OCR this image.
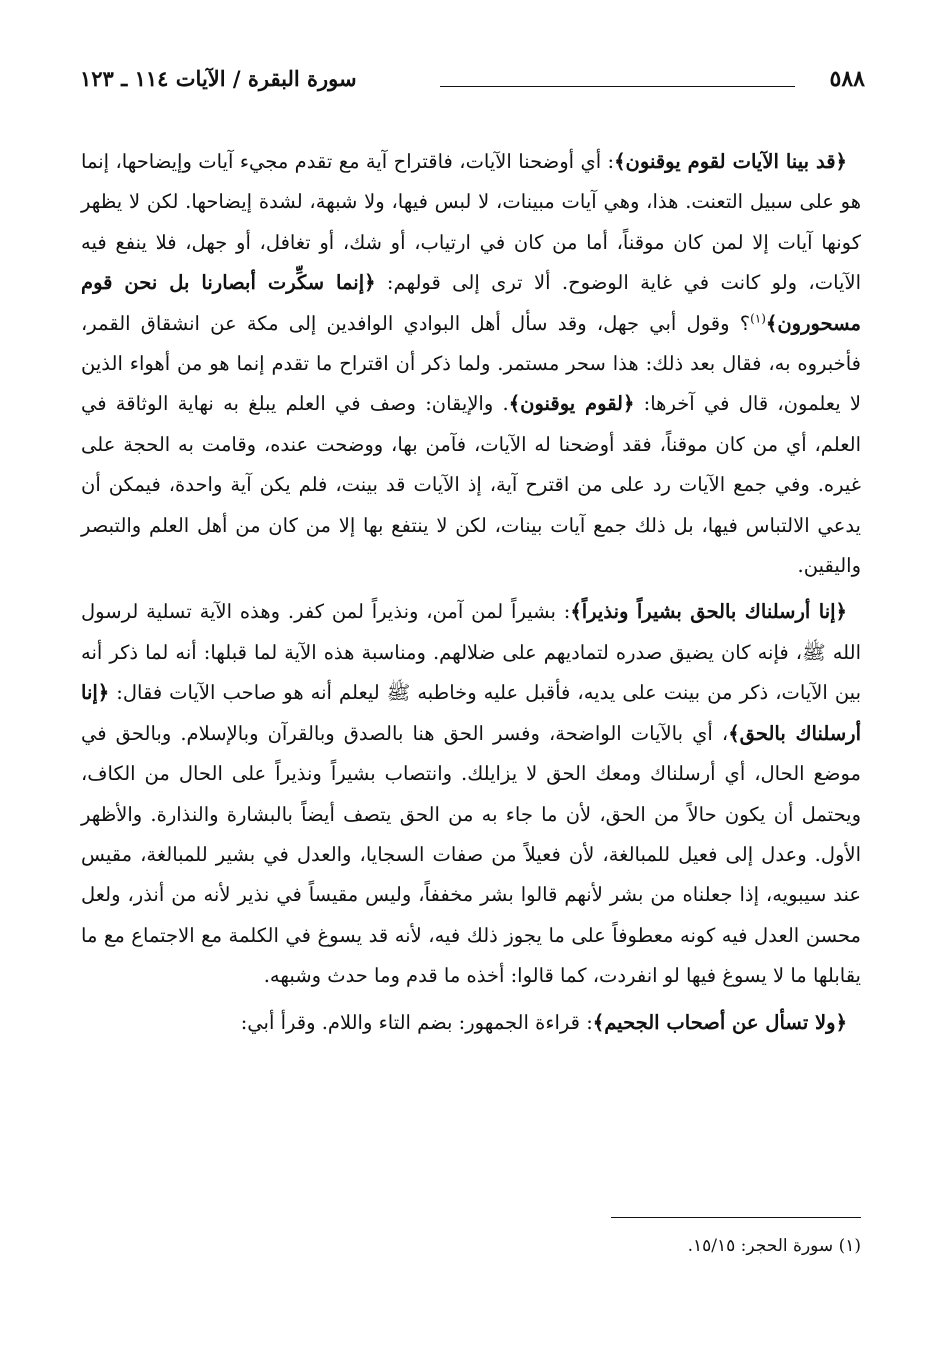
٥٨٨
سورة البقرة / الآيات ١١٤ ـ ١٢٣

﴿قد بينا الآيات لقوم يوقنون﴾: أي أوضحنا الآيات، فاقتراح آية مع تقدم مجيء آيات وإيضاحها، إنما هو على سبيل التعنت. هذا، وهي آيات مبينات، لا لبس فيها، ولا شبهة، لشدة إيضاحها. لكن لا يظهر كونها آيات إلا لمن كان موقناً، أما من كان في ارتياب، أو شك، أو تغافل، أو جهل، فلا ينفع فيه الآيات، ولو كانت في غاية الوضوح. ألا ترى إلى قولهم: ﴿إنما سكِّرت أبصارنا بل نحن قوم مسحورون﴾$^{(١)}$؟ وقول أبي جهل، وقد سأل أهل البوادي الوافدين إلى مكة عن انشقاق القمر، فأخبروه به، فقال بعد ذلك: هذا سحر مستمر. ولما ذكر أن اقتراح ما تقدم إنما هو من أهواء الذين لا يعلمون، قال في آخرها: ﴿لقوم يوقنون﴾. والإيقان: وصف في العلم يبلغ به نهاية الوثاقة في العلم، أي من كان موقناً، فقد أوضحنا له الآيات، فآمن بها، ووضحت عنده، وقامت به الحجة على غيره. وفي جمع الآيات رد على من اقترح آية، إذ الآيات قد بينت، فلم يكن آية واحدة، فيمكن أن يدعي الالتباس فيها، بل ذلك جمع آيات بينات، لكن لا ينتفع بها إلا من كان من أهل العلم والتبصر واليقين.

﴿إنا أرسلناك بالحق بشيراً ونذيراً﴾: بشيراً لمن آمن، ونذيراً لمن كفر. وهذه الآية تسلية لرسول الله ﷺ، فإنه كان يضيق صدره لتماديهم على ضلالهم. ومناسبة هذه الآية لما قبلها: أنه لما ذكر أنه بين الآيات، ذكر من بينت على يديه، فأقبل عليه وخاطبه ﷺ ليعلم أنه هو صاحب الآيات فقال: ﴿إنا أرسلناك بالحق﴾، أي بالآيات الواضحة، وفسر الحق هنا بالصدق وبالقرآن وبالإسلام. وبالحق في موضع الحال، أي أرسلناك ومعك الحق لا يزايلك. وانتصاب بشيراً ونذيراً على الحال من الكاف، ويحتمل أن يكون حالاً من الحق، لأن ما جاء به من الحق يتصف أيضاً بالبشارة والنذارة. والأظهر الأول. وعدل إلى فعيل للمبالغة، لأن فعيلاً من صفات السجايا، والعدل في بشير للمبالغة، مقيس عند سيبويه، إذا جعلناه من بشر لأنهم قالوا بشر مخففاً، وليس مقيساً في نذير لأنه من أنذر، ولعل محسن العدل فيه كونه معطوفاً على ما يجوز ذلك فيه، لأنه قد يسوغ في الكلمة مع الاجتماع مع ما يقابلها ما لا يسوغ فيها لو انفردت، كما قالوا: أخذه ما قدم وما حدث وشبهه.

﴿ولا تسأل عن أصحاب الجحيم﴾: قراءة الجمهور: بضم التاء واللام. وقرأ أبي:

(١) سورة الحجر: ١٥/١٥.
